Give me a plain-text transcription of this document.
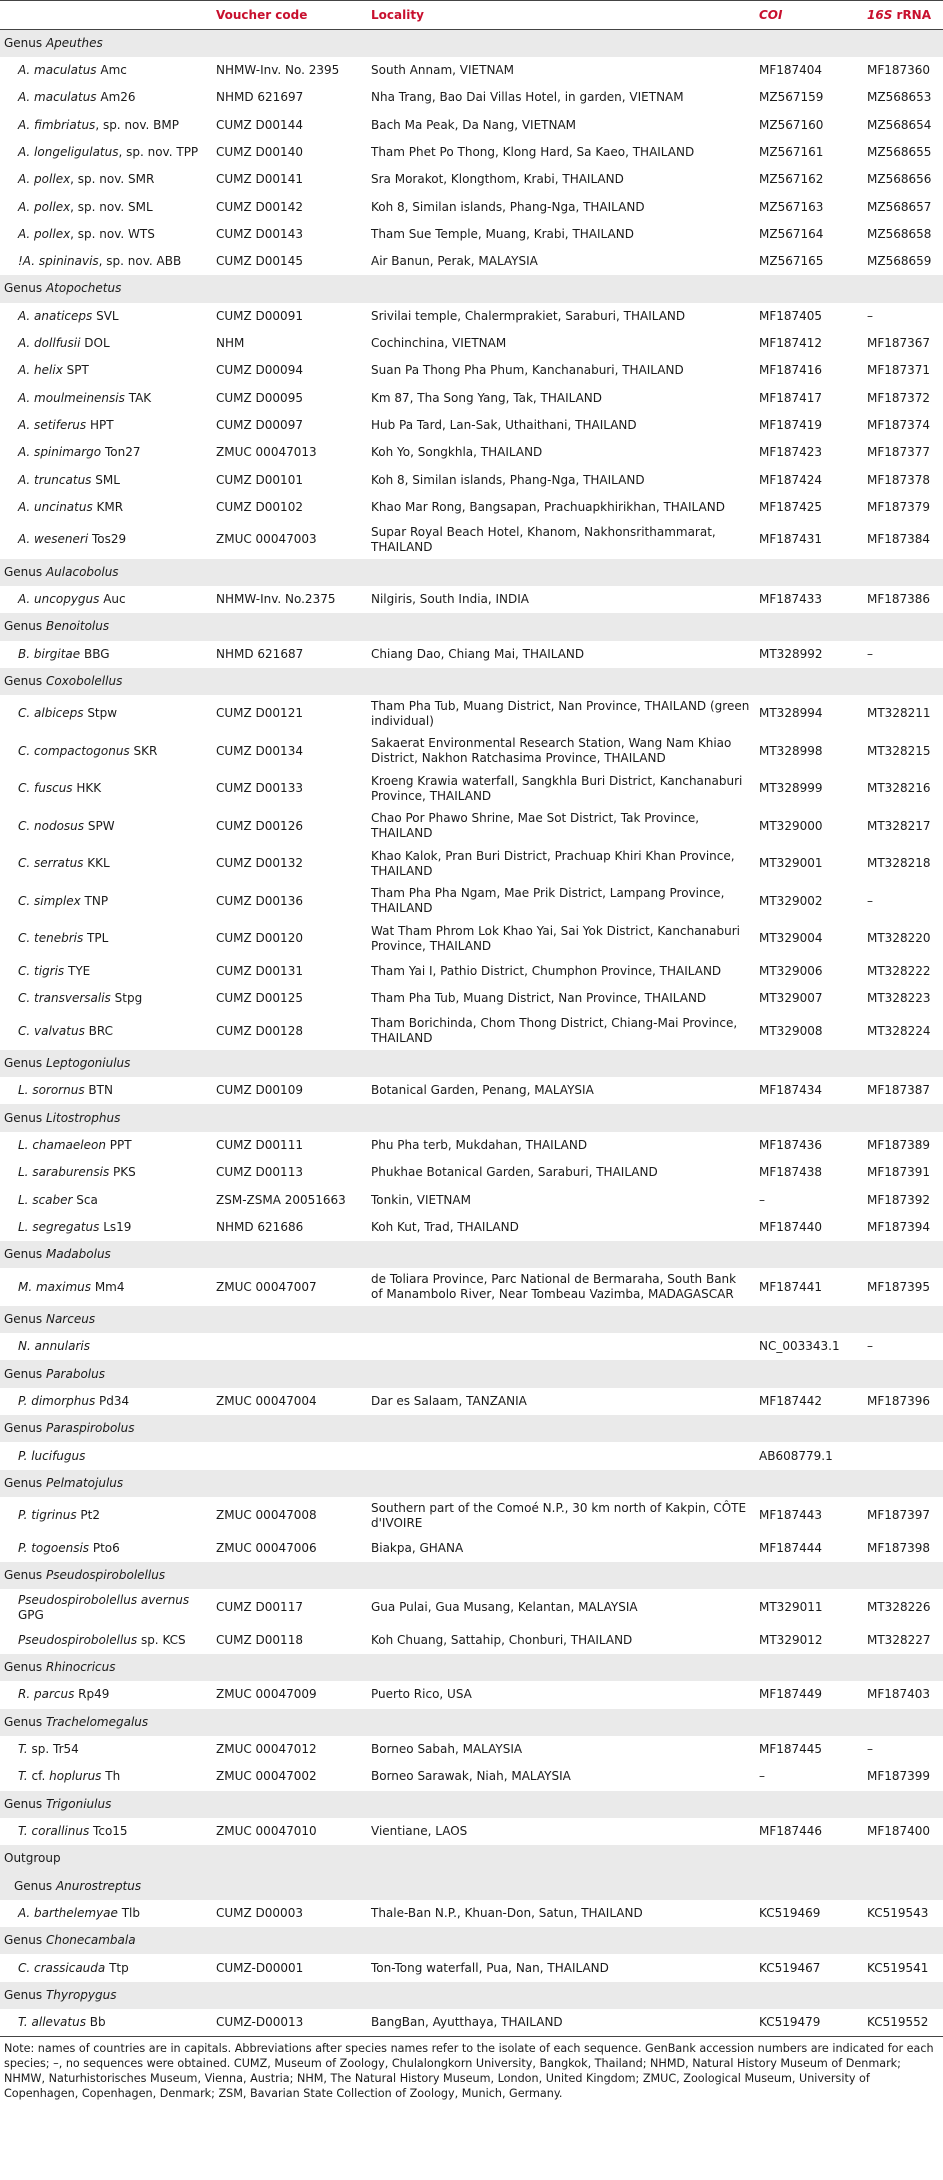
	Voucher code	Locality	COI	16S rRNA
Genus Apeuthes				
A. maculatus Amc	NHMW-Inv. No. 2395	South Annam, VIETNAM	MF187404	MF187360
A. maculatus Am26	NHMD 621697	Nha Trang, Bao Dai Villas Hotel, in garden, VIETNAM	MZ567159	MZ568653
A. fimbriatus, sp. nov. BMP	CUMZ D00144	Bach Ma Peak, Da Nang, VIETNAM	MZ567160	MZ568654
A. longeligulatus, sp. nov. TPP	CUMZ D00140	Tham Phet Po Thong, Klong Hard, Sa Kaeo, THAILAND	MZ567161	MZ568655
A. pollex, sp. nov. SMR	CUMZ D00141	Sra Morakot, Klongthom, Krabi, THAILAND	MZ567162	MZ568656
A. pollex, sp. nov. SML	CUMZ D00142	Koh 8, Similan islands, Phang-Nga, THAILAND	MZ567163	MZ568657
A. pollex, sp. nov. WTS	CUMZ D00143	Tham Sue Temple, Muang, Krabi, THAILAND	MZ567164	MZ568658
!A. spininavis, sp. nov. ABB	CUMZ D00145	Air Banun, Perak, MALAYSIA	MZ567165	MZ568659
Genus Atopochetus				
A. anaticeps SVL	CUMZ D00091	Srivilai temple, Chalermprakiet, Saraburi, THAILAND	MF187405	–
A. dollfusii DOL	NHM	Cochinchina, VIETNAM	MF187412	MF187367
A. helix SPT	CUMZ D00094	Suan Pa Thong Pha Phum, Kanchanaburi, THAILAND	MF187416	MF187371
A. moulmeinensis TAK	CUMZ D00095	Km 87, Tha Song Yang, Tak, THAILAND	MF187417	MF187372
A. setiferus HPT	CUMZ D00097	Hub Pa Tard, Lan-Sak, Uthaithani, THAILAND	MF187419	MF187374
A. spinimargo Ton27	ZMUC 00047013	Koh Yo, Songkhla, THAILAND	MF187423	MF187377
A. truncatus SML	CUMZ D00101	Koh 8, Similan islands, Phang-Nga, THAILAND	MF187424	MF187378
A. uncinatus KMR	CUMZ D00102	Khao Mar Rong, Bangsapan, Prachuapkhirikhan, THAILAND	MF187425	MF187379
A. weseneri Tos29	ZMUC 00047003	Supar Royal Beach Hotel, Khanom, Nakhonsrithammarat, THAILAND	MF187431	MF187384
Genus Aulacobolus				
A. uncopygus Auc	NHMW-Inv. No.2375	Nilgiris, South India, INDIA	MF187433	MF187386
Genus Benoitolus				
B. birgitae BBG	NHMD 621687	Chiang Dao, Chiang Mai, THAILAND	MT328992	–
Genus Coxobolellus				
C. albiceps Stpw	CUMZ D00121	Tham Pha Tub, Muang District, Nan Province, THAILAND (green individual)	MT328994	MT328211
C. compactogonus SKR	CUMZ D00134	Sakaerat Environmental Research Station, Wang Nam Khiao District, Nakhon Ratchasima Province, THAILAND	MT328998	MT328215
C. fuscus HKK	CUMZ D00133	Kroeng Krawia waterfall, Sangkhla Buri District, Kanchanaburi Province, THAILAND	MT328999	MT328216
C. nodosus SPW	CUMZ D00126	Chao Por Phawo Shrine, Mae Sot District, Tak Province, THAILAND	MT329000	MT328217
C. serratus KKL	CUMZ D00132	Khao Kalok, Pran Buri District, Prachuap Khiri Khan Province, THAILAND	MT329001	MT328218
C. simplex TNP	CUMZ D00136	Tham Pha Pha Ngam, Mae Prik District, Lampang Province, THAILAND	MT329002	–
C. tenebris TPL	CUMZ D00120	Wat Tham Phrom Lok Khao Yai, Sai Yok District, Kanchanaburi Province, THAILAND	MT329004	MT328220
C. tigris TYE	CUMZ D00131	Tham Yai I, Pathio District, Chumphon Province, THAILAND	MT329006	MT328222
C. transversalis Stpg	CUMZ D00125	Tham Pha Tub, Muang District, Nan Province, THAILAND	MT329007	MT328223
C. valvatus BRC	CUMZ D00128	Tham Borichinda, Chom Thong District, Chiang-Mai Province, THAILAND	MT329008	MT328224
Genus Leptogoniulus				
L. sorornus BTN	CUMZ D00109	Botanical Garden, Penang, MALAYSIA	MF187434	MF187387
Genus Litostrophus				
L. chamaeleon PPT	CUMZ D00111	Phu Pha terb, Mukdahan, THAILAND	MF187436	MF187389
L. saraburensis PKS	CUMZ D00113	Phukhae Botanical Garden, Saraburi, THAILAND	MF187438	MF187391
L. scaber Sca	ZSM-ZSMA 20051663	Tonkin, VIETNAM	–	MF187392
L. segregatus Ls19	NHMD 621686	Koh Kut, Trad, THAILAND	MF187440	MF187394
Genus Madabolus				
M. maximus Mm4	ZMUC 00047007	de Toliara Province, Parc National de Bermaraha, South Bank of Manambolo River, Near Tombeau Vazimba, MADAGASCAR	MF187441	MF187395
Genus Narceus				
N. annularis			NC_003343.1	–
Genus Parabolus				
P. dimorphus Pd34	ZMUC 00047004	Dar es Salaam, TANZANIA	MF187442	MF187396
Genus Paraspirobolus				
P. lucifugus			AB608779.1	
Genus Pelmatojulus				
P. tigrinus Pt2	ZMUC 00047008	Southern part of the Comoé N.P., 30 km north of Kakpin, CÔTE d'IVOIRE	MF187443	MF187397
P. togoensis Pto6	ZMUC 00047006	Biakpa, GHANA	MF187444	MF187398
Genus Pseudospirobolellus				
Pseudospirobolellus avernus GPG	CUMZ D00117	Gua Pulai, Gua Musang, Kelantan, MALAYSIA	MT329011	MT328226
Pseudospirobolellus sp. KCS	CUMZ D00118	Koh Chuang, Sattahip, Chonburi, THAILAND	MT329012	MT328227
Genus Rhinocricus				
R. parcus Rp49	ZMUC 00047009	Puerto Rico, USA	MF187449	MF187403
Genus Trachelomegalus				
T. sp. Tr54	ZMUC 00047012	Borneo Sabah, MALAYSIA	MF187445	–
T. cf. hoplurus Th	ZMUC 00047002	Borneo Sarawak, Niah, MALAYSIA	–	MF187399
Genus Trigoniulus				
T. corallinus Tco15	ZMUC 00047010	Vientiane, LAOS	MF187446	MF187400
Outgroup				
Genus Anurostreptus				
A. barthelemyae Tlb	CUMZ D00003	Thale-Ban N.P., Khuan-Don, Satun, THAILAND	KC519469	KC519543
Genus Chonecambala				
C. crassicauda Ttp	CUMZ-D00001	Ton-Tong waterfall, Pua, Nan, THAILAND	KC519467	KC519541
Genus Thyropygus				
T. allevatus Bb	CUMZ-D00013	BangBan, Ayutthaya, THAILAND	KC519479	KC519552
Note: names of countries are in capitals. Abbreviations after species names refer to the isolate of each sequence. GenBank accession numbers are indicated for each species; –, no sequences were obtained. CUMZ, Museum of Zoology, Chulalongkorn University, Bangkok, Thailand; NHMD, Natural History Museum of Denmark; NHMW, Naturhistorisches Museum, Vienna, Austria; NHM, The Natural History Museum, London, United Kingdom; ZMUC, Zoological Museum, University of Copenhagen, Copenhagen, Denmark; ZSM, Bavarian State Collection of Zoology, Munich, Germany.
